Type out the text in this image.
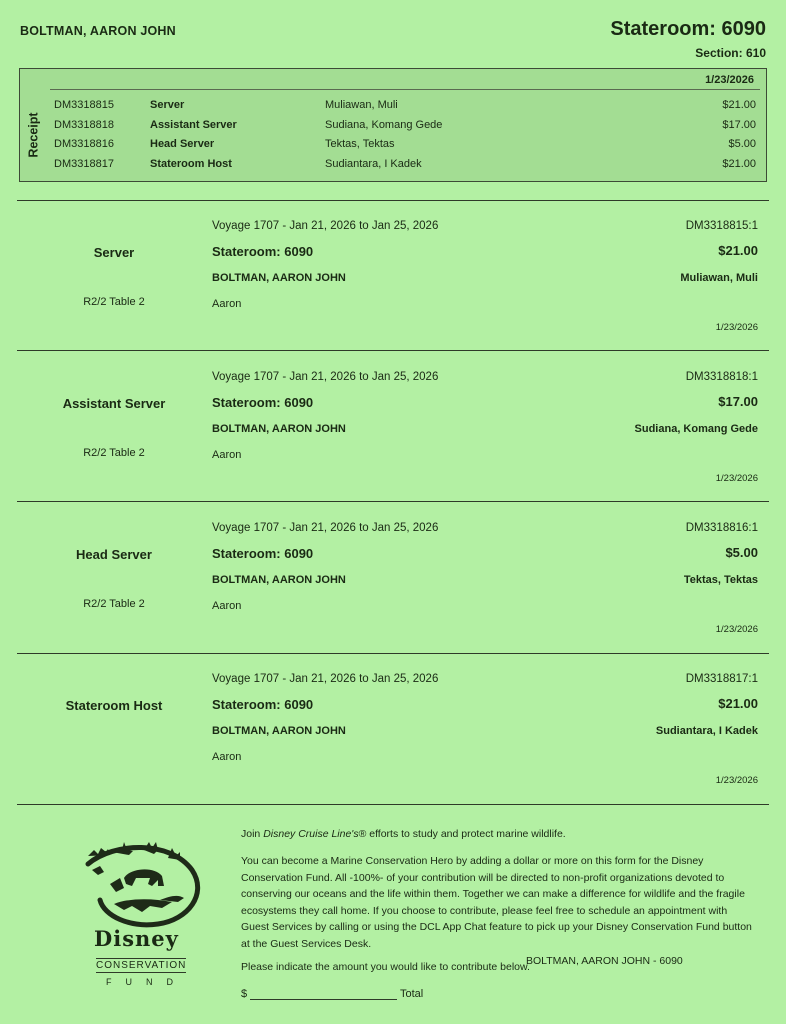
BOLTMAN, AARON JOHN	Stateroom: 6090
Section: 610
Receipt
1/23/2026
DM3318815	Server	Muliawan, Muli	$21.00
DM3318818	Assistant Server	Sudiana, Komang Gede	$17.00
DM3318816	Head Server	Tektas, Tektas	$5.00
DM3318817	Stateroom Host	Sudiantara, I Kadek	$21.00
Server
R2/2 Table 2
Voyage 1707 - Jan 21, 2026 to Jan 25, 2026
Stateroom: 6090
BOLTMAN, AARON JOHN
Aaron
DM3318815:1
$21.00
Muliawan, Muli
1/23/2026
Assistant Server
R2/2 Table 2
Voyage 1707 - Jan 21, 2026 to Jan 25, 2026
Stateroom: 6090
BOLTMAN, AARON JOHN
Aaron
DM3318818:1
$17.00
Sudiana, Komang Gede
1/23/2026
Head Server
R2/2 Table 2
Voyage 1707 - Jan 21, 2026 to Jan 25, 2026
Stateroom: 6090
BOLTMAN, AARON JOHN
Aaron
DM3318816:1
$5.00
Tektas, Tektas
1/23/2026
Stateroom Host
Voyage 1707 - Jan 21, 2026 to Jan 25, 2026
Stateroom: 6090
BOLTMAN, AARON JOHN
Aaron
DM3318817:1
$21.00
Sudiantara, I Kadek
1/23/2026
Disney
CONSERVATION
FUND
Join Disney Cruise Line's® efforts to study and protect marine wildlife.
You can become a Marine Conservation Hero by adding a dollar or more on this form for the Disney Conservation Fund. All -100%- of your contribution will be directed to non-profit organizations devoted to conserving our oceans and the life within them. Together we can make a difference for wildlife and the fragile ecosystems they call home. If you choose to contribute, please feel free to schedule an appointment with Guest Services by calling or using the DCL App Chat feature to pick up your Disney Conservation Fund button at the Guest Services Desk.
Please indicate the amount you would like to contribute below.
BOLTMAN, AARON JOHN - 6090
$	Total
